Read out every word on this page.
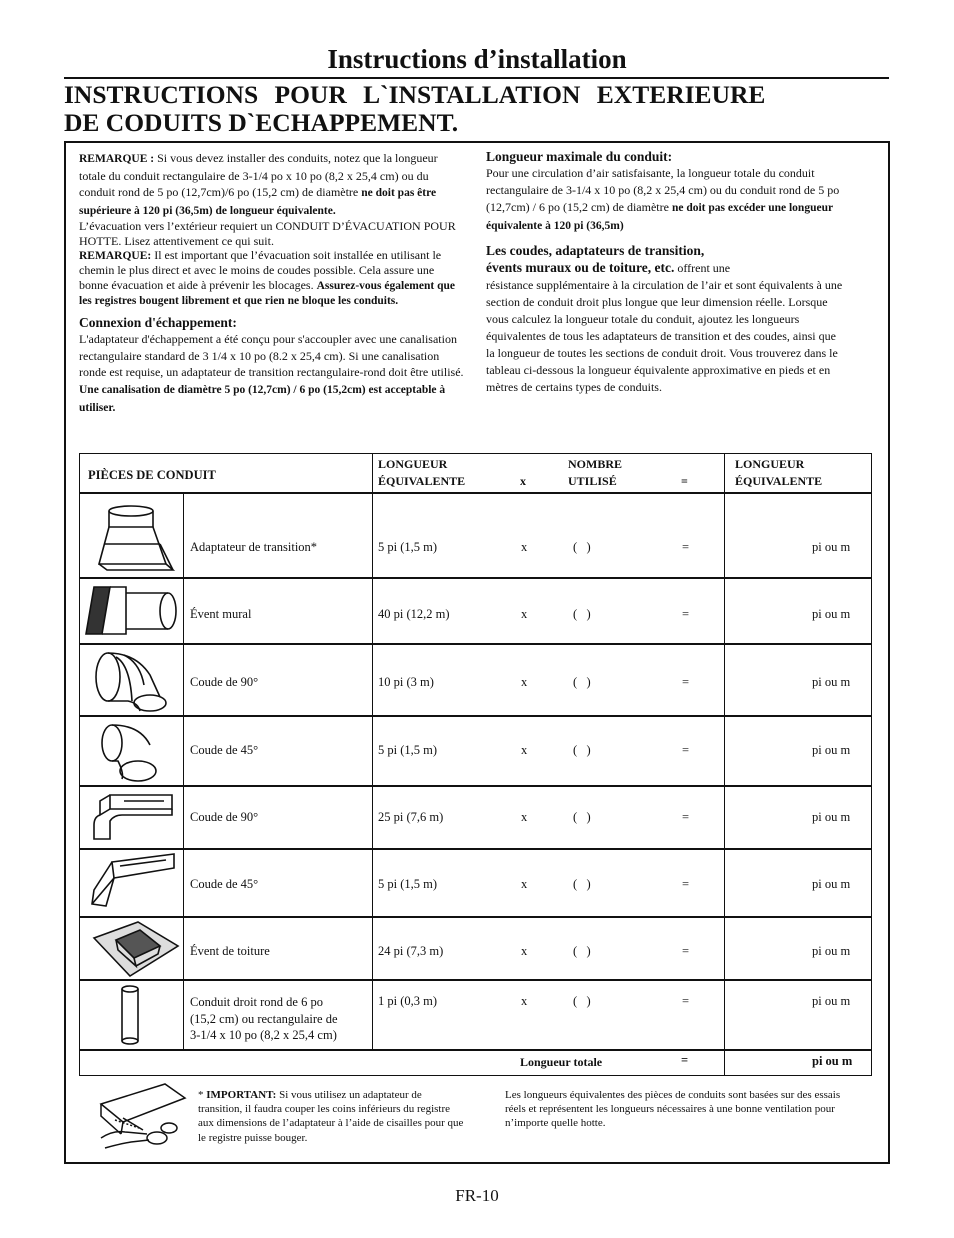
Instructions d’installation
INSTRUCTIONS POUR L`INSTALLATION EXTERIEURE
DE CODUITS D`ECHAPPEMENT.

REMARQUE : Si vous devez installer des conduits, notez que la longueur totale du conduit rectangulaire de 3-1/4 po x 10 po (8,2 x 25,4 cm) ou du conduit rond de 5 po (12,7cm)/6 po (15,2 cm) de diamètre ne doit pas être supérieure à 120 pi (36,5m) de longueur équivalente.

L’évacuation vers l’extérieur requiert un CONDUIT D’ÉVACUATION POUR HOTTE. Lisez attentivement ce qui suit.

REMARQUE: Il est important que l’évacuation soit installée en utilisant le chemin le plus direct et avec le moins de coudes possible. Cela assure une bonne évacuation et aide à prévenir les blocages. Assurez-vous également que les registres bougent librement et que rien ne bloque les conduits.

Connexion d'échappement:

L'adaptateur d'échappement a été conçu pour s'accoupler avec une canalisation rectangulaire standard de 3 1/4 x 10 po (8.2 x 25,4 cm). Si une canalisation ronde est requise, un adaptateur de transition rectangulaire-rond doit être utilisé. Une canalisation de diamètre 5 po (12,7cm) / 6 po (15,2cm) est acceptable à utiliser.

Longueur maximale du conduit:

Pour une circulation d’air satisfaisante, la longueur totale du conduit rectangulaire de 3-1/4 x 10 po (8,2 x 25,4 cm) ou du conduit rond de 5 po (12,7cm) / 6 po (15,2 cm) de diamètre ne doit pas excéder une longueur équivalente à 120 pi (36,5m)

Les coudes, adaptateurs de transition,

évents muraux ou de toiture, etc. offrent une

résistance supplémentaire à la circulation de l’air et sont équivalents à une section de conduit droit plus longue que leur dimension réelle. Lorsque vous calculez la longueur totale du conduit, ajoutez les longueurs équivalentes de tous les adaptateurs de transition et des coudes, ainsi que la longueur de toutes les sections de conduit droit. Vous trouverez dans le tableau ci-dessous la longueur équivalente approximative en pieds et en mètres de certains types de conduits.

PIÈCES DE CONDUIT
LONGUEUR
ÉQUIVALENTE	x
NOMBRE
UTILISÉ	=
LONGUEUR
ÉQUIVALENTE
Adaptateur de transition*	5 pi (1,5 m)	x	(   )	=	pi ou m
Évent mural	40 pi (12,2 m)	x	(   )	=	pi ou m
Coude de 90°	10 pi (3 m)	x	(   )	=	pi ou m
Coude de 45°	5 pi (1,5 m)	x	(   )	=	pi ou m
Coude de 90°	25 pi (7,6 m)	x	(   )	=	pi ou m
Coude de 45°	5 pi (1,5 m)	x	(   )	=	pi ou m
Évent de toiture	24 pi (7,3 m)	x	(   )	=	pi ou m
Conduit droit rond de 6 po
(15,2 cm) ou rectangulaire de
3-1/4 x 10 po (8,2 x 25,4 cm)
1 pi (0,3 m)	x	(   )	=	pi ou m
Longueur totale	=	pi ou m
* IMPORTANT: Si vous utilisez un adaptateur de transition, il faudra couper les coins inférieurs du registre aux dimensions de l’adaptateur à l’aide de cisailles pour que le registre puisse bouger.
Les longueurs équivalentes des pièces de conduits sont basées sur des essais réels et représentent les longueurs nécessaires à une bonne ventilation pour n’importe quelle hotte.
FR-10
